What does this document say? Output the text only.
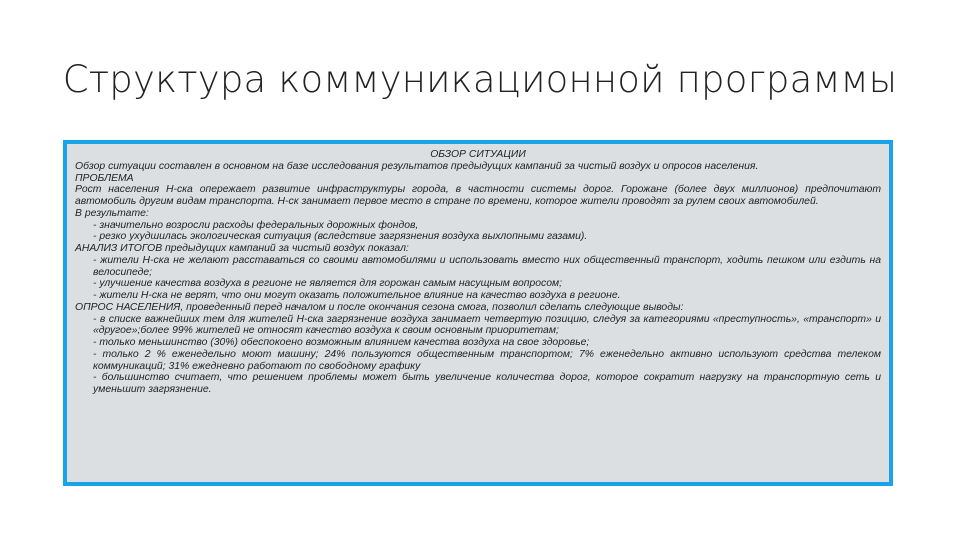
Структура коммуникационной программы
ОБЗОР СИТУАЦИИ
Обзор ситуации составлен в основном на базе исследования результатов предыдущих кампаний за чистый воздух и опросов населения.
ПРОБЛЕМА
Рост населения Н-ска опережает развитие инфраструктуры города, в частности системы дорог. Горожане (более двух миллионов) предпочитают автомобиль другим видам транспорта. Н-ск занимает первое место в стране по времени, которое жители проводят за рулем своих автомобилей.
В результате:
- значительно возросли расходы федеральных дорожных фондов,
- резко ухудшилась экологическая ситуация (вследствие загрязнения воздуха выхлопными газами).
АНАЛИЗ ИТОГОВ предыдущих кампаний за чистый воздух показал:
- жители Н-ска не желают расставаться со своими автомобилями и использовать вместо них общественный транспорт, ходить пешком или ездить на велосипеде;
- улучшение качества воздуха в регионе не является для горожан самым насущным вопросом;
- жители Н-ска не верят, что они могут оказать положительное влияние на качество воздуха в регионе.
ОПРОС НАСЕЛЕНИЯ, проведенный перед началом и после окончания сезона смога, позволил сделать следующие выводы:
- в списке важнейших тем для жителей Н-ска загрязнение воздуха занимает четвертую позицию, следуя за категориями «преступность», «транспорт» и «другое»;более 99% жителей не относят качество воздуха к своим основным приоритетам;
- только меньшинство (30%) обеспокоено возможным влиянием качества воздуха на свое здоровье;
- только 2 % еженедельно моют машину; 24% пользуются общественным транспортом; 7% еженедельно активно используют средства телеком коммуникаций; 31% ежедневно работают по свободному графику
- большинство считает, что решением проблемы может быть увеличение количества дорог, которое сократит нагрузку на транспортную сеть и уменьшит загрязнение.
